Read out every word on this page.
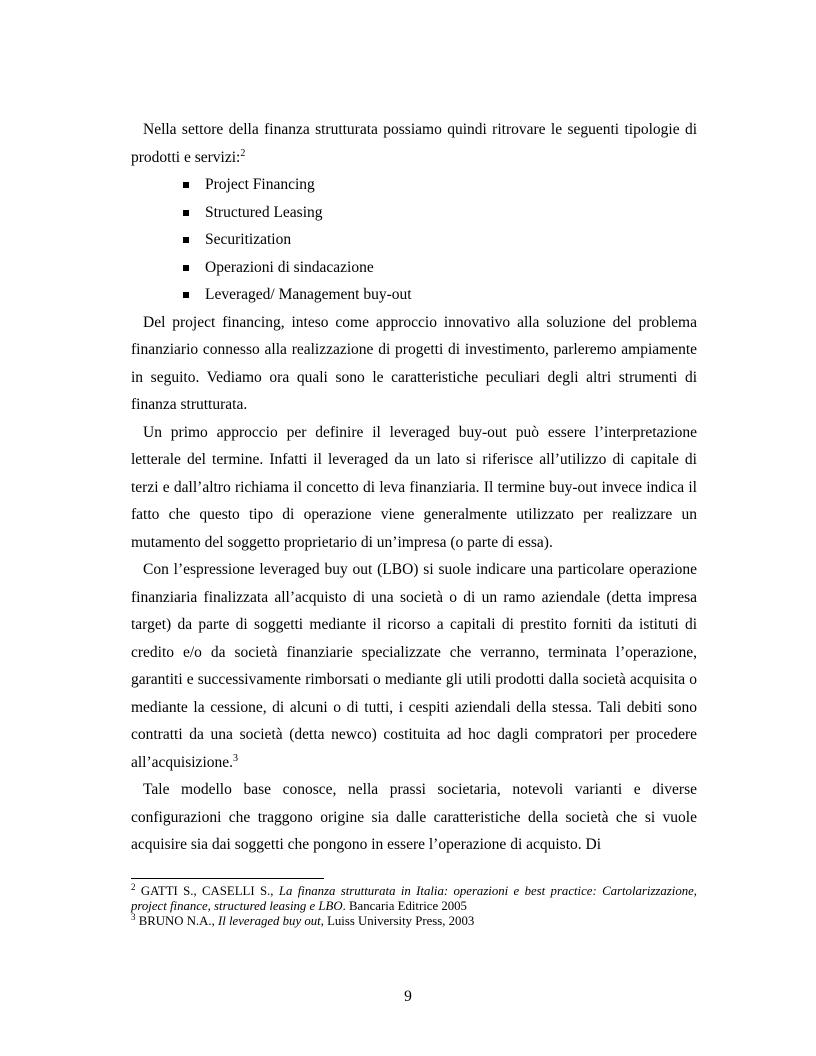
Nella settore della finanza strutturata possiamo quindi ritrovare le seguenti tipologie di prodotti e servizi:$^2$

Project Financing
Structured Leasing
Securitization
Operazioni di sindacazione
Leveraged/ Management buy-out

Del project financing, inteso come approccio innovativo alla soluzione del problema finanziario connesso alla realizzazione di progetti di investimento, parleremo ampiamente in seguito. Vediamo ora quali sono le caratteristiche peculiari degli altri strumenti di finanza strutturata.

Un primo approccio per definire il leveraged buy-out può essere l’interpretazione letterale del termine. Infatti il leveraged da un lato si riferisce all’utilizzo di capitale di terzi e dall’altro richiama il concetto di leva finanziaria. Il termine buy-out invece indica il fatto che questo tipo di operazione viene generalmente utilizzato per realizzare un mutamento del soggetto proprietario di un’impresa (o parte di essa).

Con l’espressione leveraged buy out (LBO) si suole indicare una particolare operazione finanziaria finalizzata all’acquisto di una società o di un ramo aziendale (detta impresa target) da parte di soggetti mediante il ricorso a capitali di prestito forniti da istituti di credito e/o da società finanziarie specializzate che verranno, terminata l’operazione, garantiti e successivamente rimborsati o mediante gli utili prodotti dalla società acquisita o mediante la cessione, di alcuni o di tutti, i cespiti aziendali della stessa. Tali debiti sono contratti da una società (detta newco) costituita ad hoc dagli compratori per procedere all’acquisizione.$^3$

Tale modello base conosce, nella prassi societaria, notevoli varianti e diverse configurazioni che traggono origine sia dalle caratteristiche della società che si vuole acquisire sia dai soggetti che pongono in essere l’operazione di acquisto. Di

$^2$ GATTI S., CASELLI S., La finanza strutturata in Italia: operazioni e best practice: Cartolarizzazione, project finance, structured leasing e LBO. Bancaria Editrice 2005

$^3$ BRUNO N.A., Il leveraged buy out, Luiss University Press, 2003

9
